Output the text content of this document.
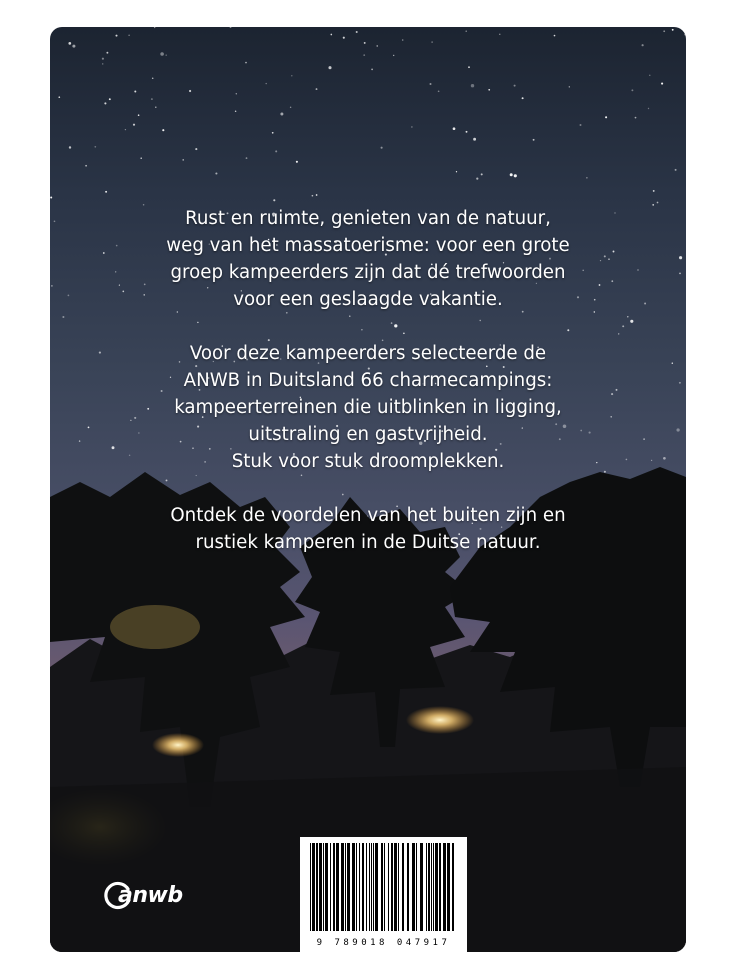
Rust en ruimte, genieten van de natuur,
weg van het massatoerisme: voor een grote
groep kampeerders zijn dat dé trefwoorden
voor een geslaagde vakantie.

Voor deze kampeerders selecteerde de
ANWB in Duitsland 66 charmecampings:
kampeerterreinen die uitblinken in ligging,
uitstraling en gastvrijheid.
Stuk voor stuk droomplekken.

Ontdek de voordelen van het buiten zijn en
rustiek kamperen in de Duitse natuur.

anwb
9 789018 047917
